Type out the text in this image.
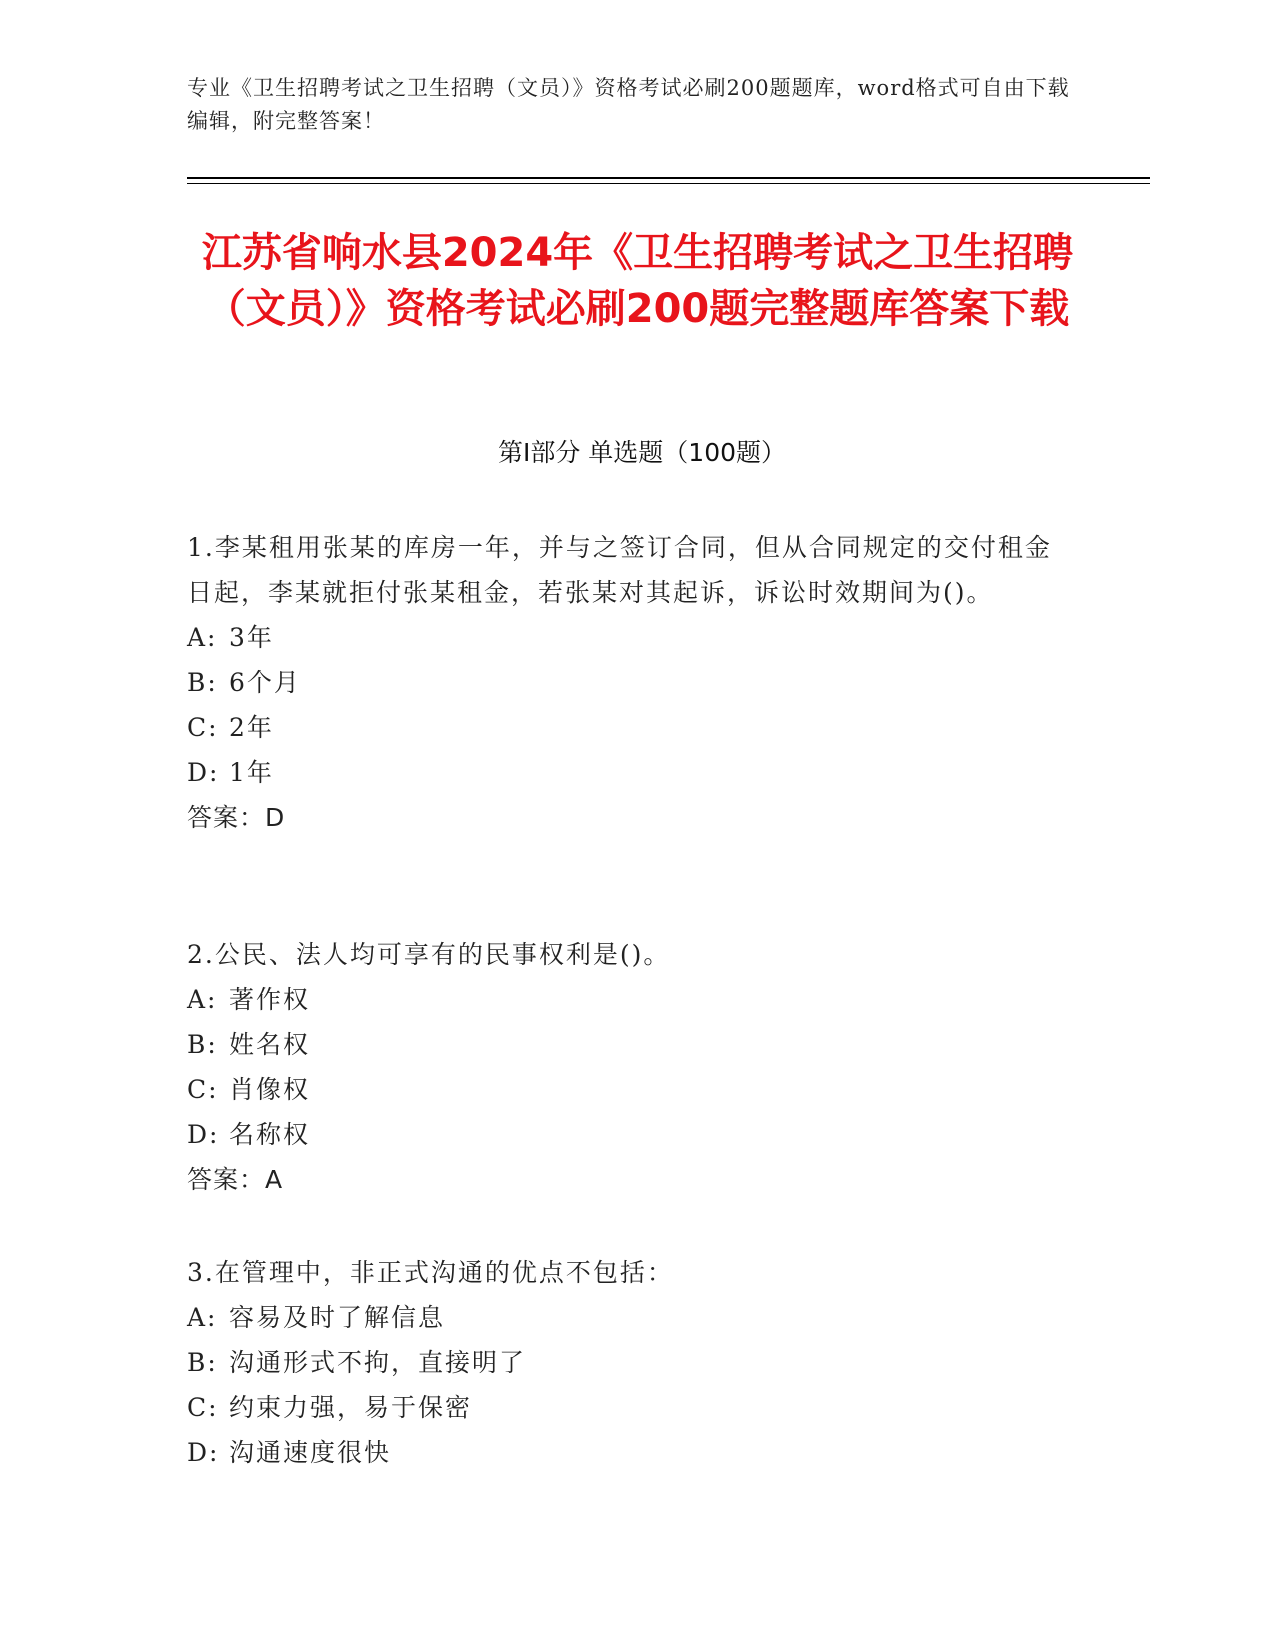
专业《卫生招聘考试之卫生招聘（文员）》资格考试必刷200题题库，word格式可自由下载编辑，附完整答案！
江苏省响水县2024年《卫生招聘考试之卫生招聘（文员）》资格考试必刷200题完整题库答案下载
第I部分 单选题（100题）

1.李某租用张某的库房一年，并与之签订合同，但从合同规定的交付租金日起，李某就拒付张某租金，若张某对其起诉，诉讼时效期间为()。

A: 3年

B: 6个月

C: 2年

D: 1年

答案：D

2.公民、法人均可享有的民事权利是()。

A: 著作权

B: 姓名权

C: 肖像权

D: 名称权

答案：A

3.在管理中，非正式沟通的优点不包括：

A: 容易及时了解信息

B: 沟通形式不拘，直接明了

C: 约束力强，易于保密

D: 沟通速度很快
